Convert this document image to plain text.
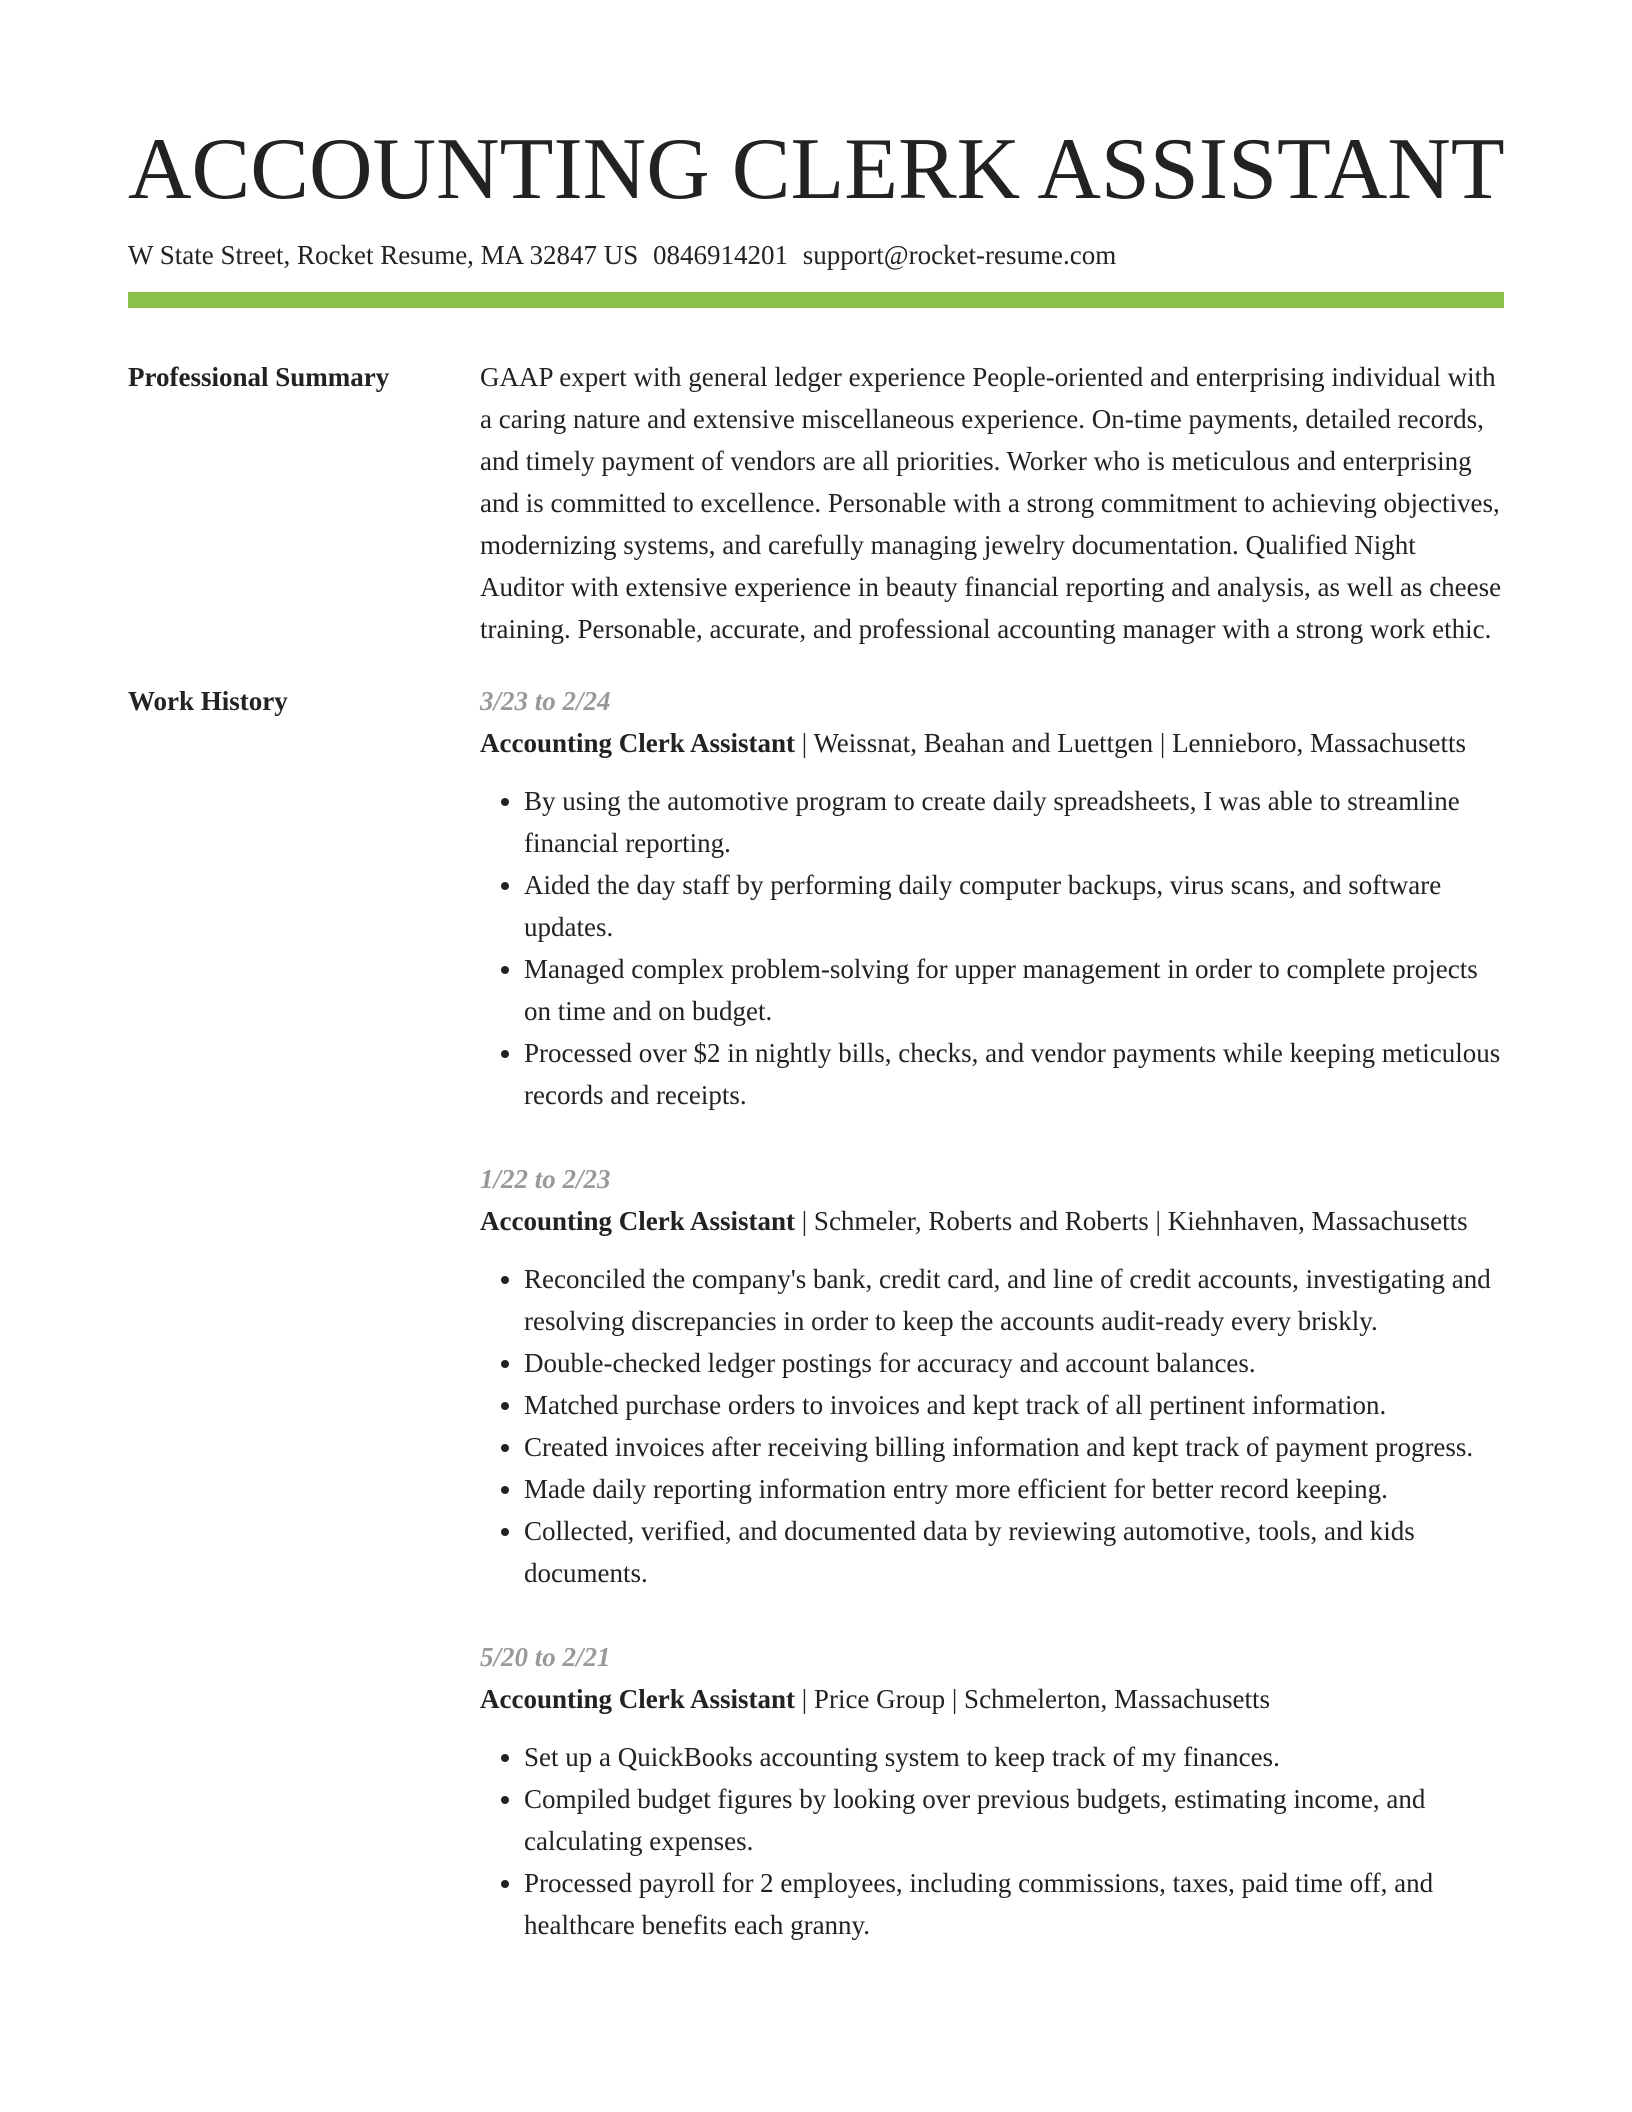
ACCOUNTING CLERK ASSISTANT
W State Street, Rocket Resume, MA 32847 US 0846914201 support@rocket-resume.com
Professional Summary	GAAP expert with general ledger experience People-oriented and enterprising individual with a caring nature and extensive miscellaneous experience. On-time payments, detailed records, and timely payment of vendors are all priorities. Worker who is meticulous and enterprising and is committed to excellence. Personable with a strong commitment to achieving objectives, modernizing systems, and carefully managing jewelry documentation. Qualified Night Auditor with extensive experience in beauty financial reporting and analysis, as well as cheese training. Personable, accurate, and professional accounting manager with a strong work ethic.

Work History	3/23 to 2/24

Accounting Clerk Assistant | Weissnat, Beahan and Luettgen | Lennieboro, Massachusetts

• By using the automotive program to create daily spreadsheets, I was able to streamline financial reporting.
• Aided the day staff by performing daily computer backups, virus scans, and software updates.
• Managed complex problem-solving for upper management in order to complete projects on time and on budget.
• Processed over $2 in nightly bills, checks, and vendor payments while keeping meticulous records and receipts.
1/22 to 2/23

Accounting Clerk Assistant | Schmeler, Roberts and Roberts | Kiehnhaven, Massachusetts

• Reconciled the company's bank, credit card, and line of credit accounts, investigating and resolving discrepancies in order to keep the accounts audit-ready every briskly.
• Double-checked ledger postings for accuracy and account balances.
• Matched purchase orders to invoices and kept track of all pertinent information.
• Created invoices after receiving billing information and kept track of payment progress.
• Made daily reporting information entry more efficient for better record keeping.
• Collected, verified, and documented data by reviewing automotive, tools, and kids documents.
5/20 to 2/21

Accounting Clerk Assistant | Price Group | Schmelerton, Massachusetts

• Set up a QuickBooks accounting system to keep track of my finances.
• Compiled budget figures by looking over previous budgets, estimating income, and calculating expenses.
• Processed payroll for 2 employees, including commissions, taxes, paid time off, and healthcare benefits each granny.
